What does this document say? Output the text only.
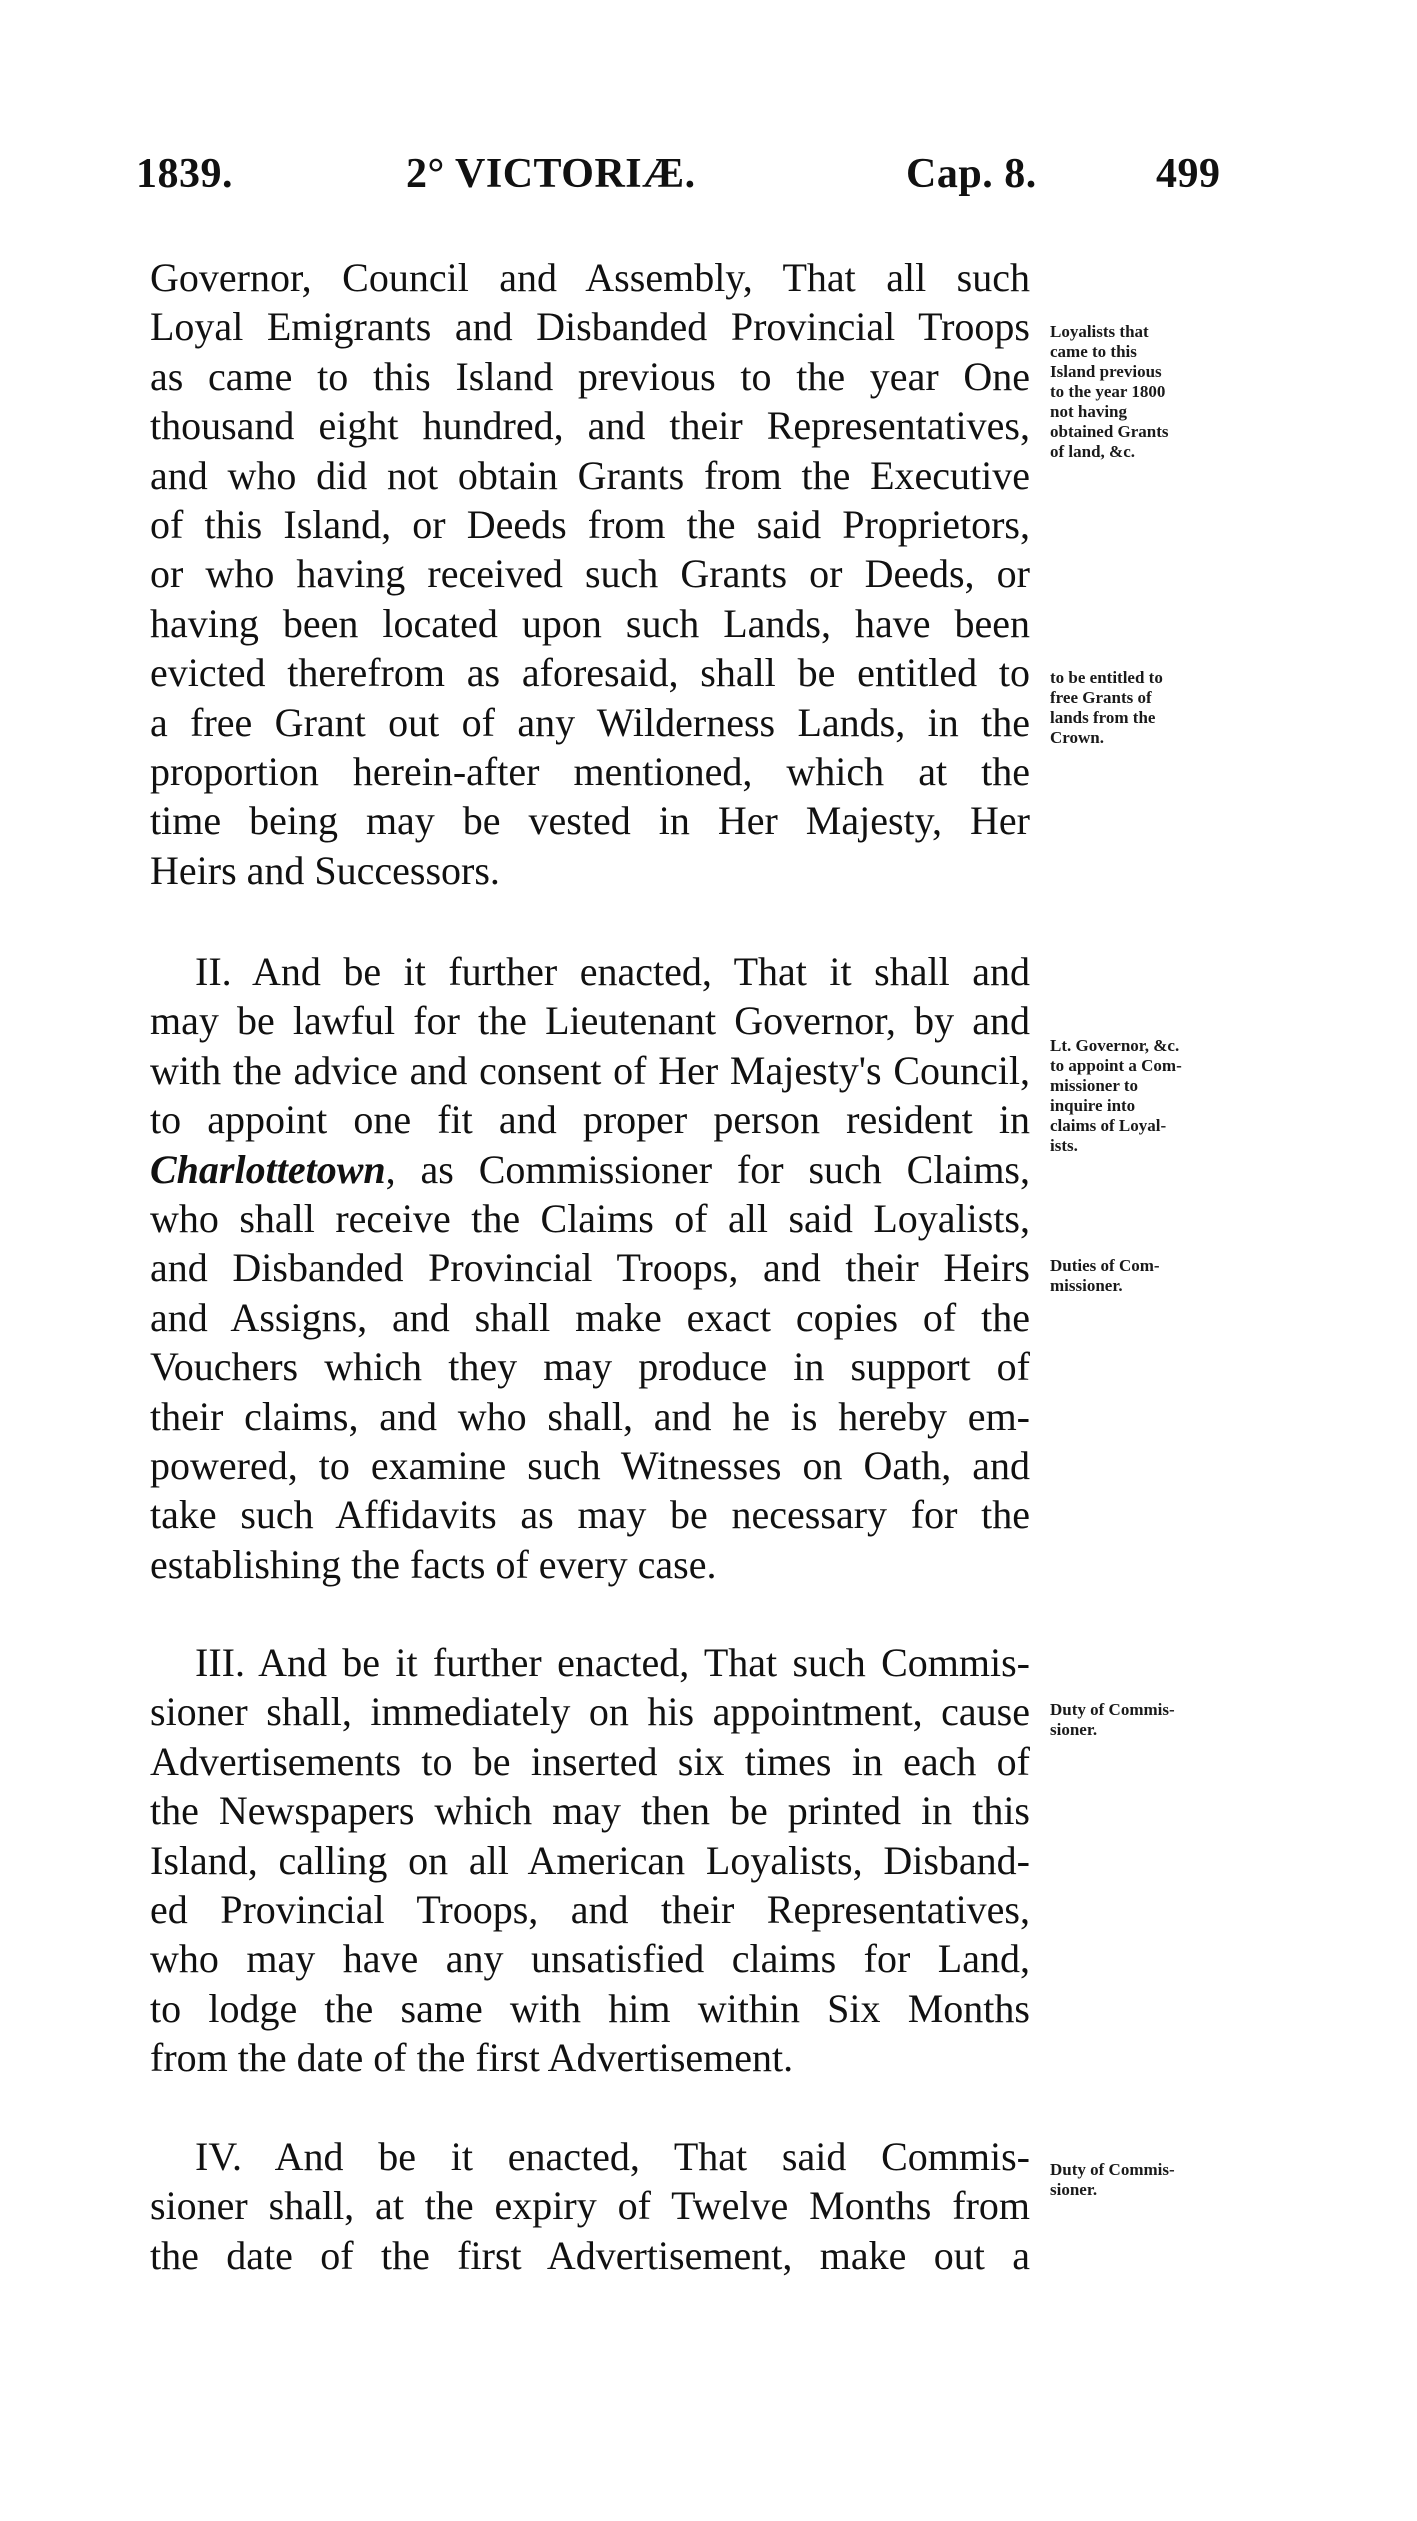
1839.	2° VICTORIÆ.	Cap. 8.	499
Governor, Council and Assembly, That all such
Loyal Emigrants and Disbanded Provincial Troops
as came to this Island previous to the year One
thousand eight hundred, and their Representatives,
and who did not obtain Grants from the Executive
of this Island, or Deeds from the said Proprietors,
or who having received such Grants or Deeds, or
having been located upon such Lands, have been
evicted therefrom as aforesaid, shall be entitled to
a free Grant out of any Wilderness Lands, in the
proportion herein-after mentioned, which at the
time being may be vested in Her Majesty, Her
Heirs and Successors.
II. And be it further enacted, That it shall and
may be lawful for the Lieutenant Governor, by and
with the advice and consent of Her Majesty's Council,
to appoint one fit and proper person resident in
Charlottetown, as Commissioner for such Claims,
who shall receive the Claims of all said Loyalists,
and Disbanded Provincial Troops, and their Heirs
and Assigns, and shall make exact copies of the
Vouchers which they may produce in support of
their claims, and who shall, and he is hereby em-
powered, to examine such Witnesses on Oath, and
take such Affidavits as may be necessary for the
establishing the facts of every case.
III. And be it further enacted, That such Commis-
sioner shall, immediately on his appointment, cause
Advertisements to be inserted six times in each of
the Newspapers which may then be printed in this
Island, calling on all American Loyalists, Disband-
ed Provincial Troops, and their Representatives,
who may have any unsatisfied claims for Land,
to lodge the same with him within Six Months
from the date of the first Advertisement.
IV. And be it enacted, That said Commis-
sioner shall, at the expiry of Twelve Months from
the date of the first Advertisement, make out a
Loyalists that
came to this
Island previous
to the year 1800
not having
obtained Grants
of land, &c.
to be entitled to
free Grants of
lands from the
Crown.
Lt. Governor, &c.
to appoint a Com-
missioner to
inquire into
claims of Loyal-
ists.
Duties of Com-
missioner.
Duty of Commis-
sioner.
Duty of Commis-
sioner.
